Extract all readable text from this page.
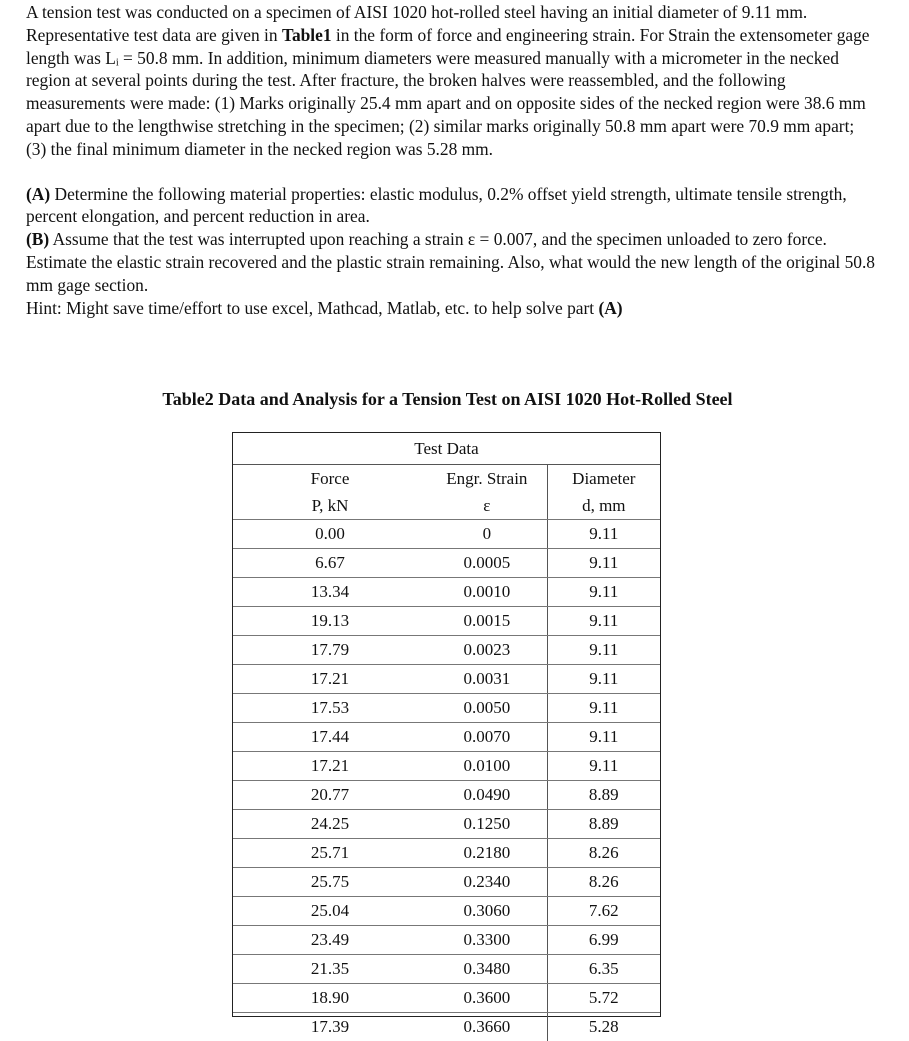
A tension test was conducted on a specimen of AISI 1020 hot-rolled steel having an initial diameter of 9.11 mm. Representative test data are given in Table1 in the form of force and engineering strain. For Strain the extensometer gage length was Lᵢ = 50.8 mm. In addition, minimum diameters were measured manually with a micrometer in the necked region at several points during the test. After fracture, the broken halves were reassembled, and the following measurements were made: (1) Marks originally 25.4 mm apart and on opposite sides of the necked region were 38.6 mm apart due to the lengthwise stretching in the specimen; (2) similar marks originally 50.8 mm apart were 70.9 mm apart;

(3) the final minimum diameter in the necked region was 5.28 mm.

(A) Determine the following material properties: elastic modulus, 0.2% offset yield strength, ultimate tensile strength, percent elongation, and percent reduction in area.

(B) Assume that the test was interrupted upon reaching a strain ε = 0.007, and the specimen unloaded to zero force. Estimate the elastic strain recovered and the plastic strain remaining. Also, what would the new length of the original 50.8 mm gage section.

Hint: Might save time/effort to use excel, Mathcad, Matlab, etc. to help solve part (A)

Table2 Data and Analysis for a Tension Test on AISI 1020 Hot-Rolled Steel
Test Data		
Force	Engr. Strain	Diameter
P, kN	ε	d, mm
0.00	0	9.11
6.67	0.0005	9.11
13.34	0.0010	9.11
19.13	0.0015	9.11
17.79	0.0023	9.11
17.21	0.0031	9.11
17.53	0.0050	9.11
17.44	0.0070	9.11
17.21	0.0100	9.11
20.77	0.0490	8.89
24.25	0.1250	8.89
25.71	0.2180	8.26
25.75	0.2340	8.26
25.04	0.3060	7.62
23.49	0.3300	6.99
21.35	0.3480	6.35
18.90	0.3600	5.72
17.39	0.3660	5.28
